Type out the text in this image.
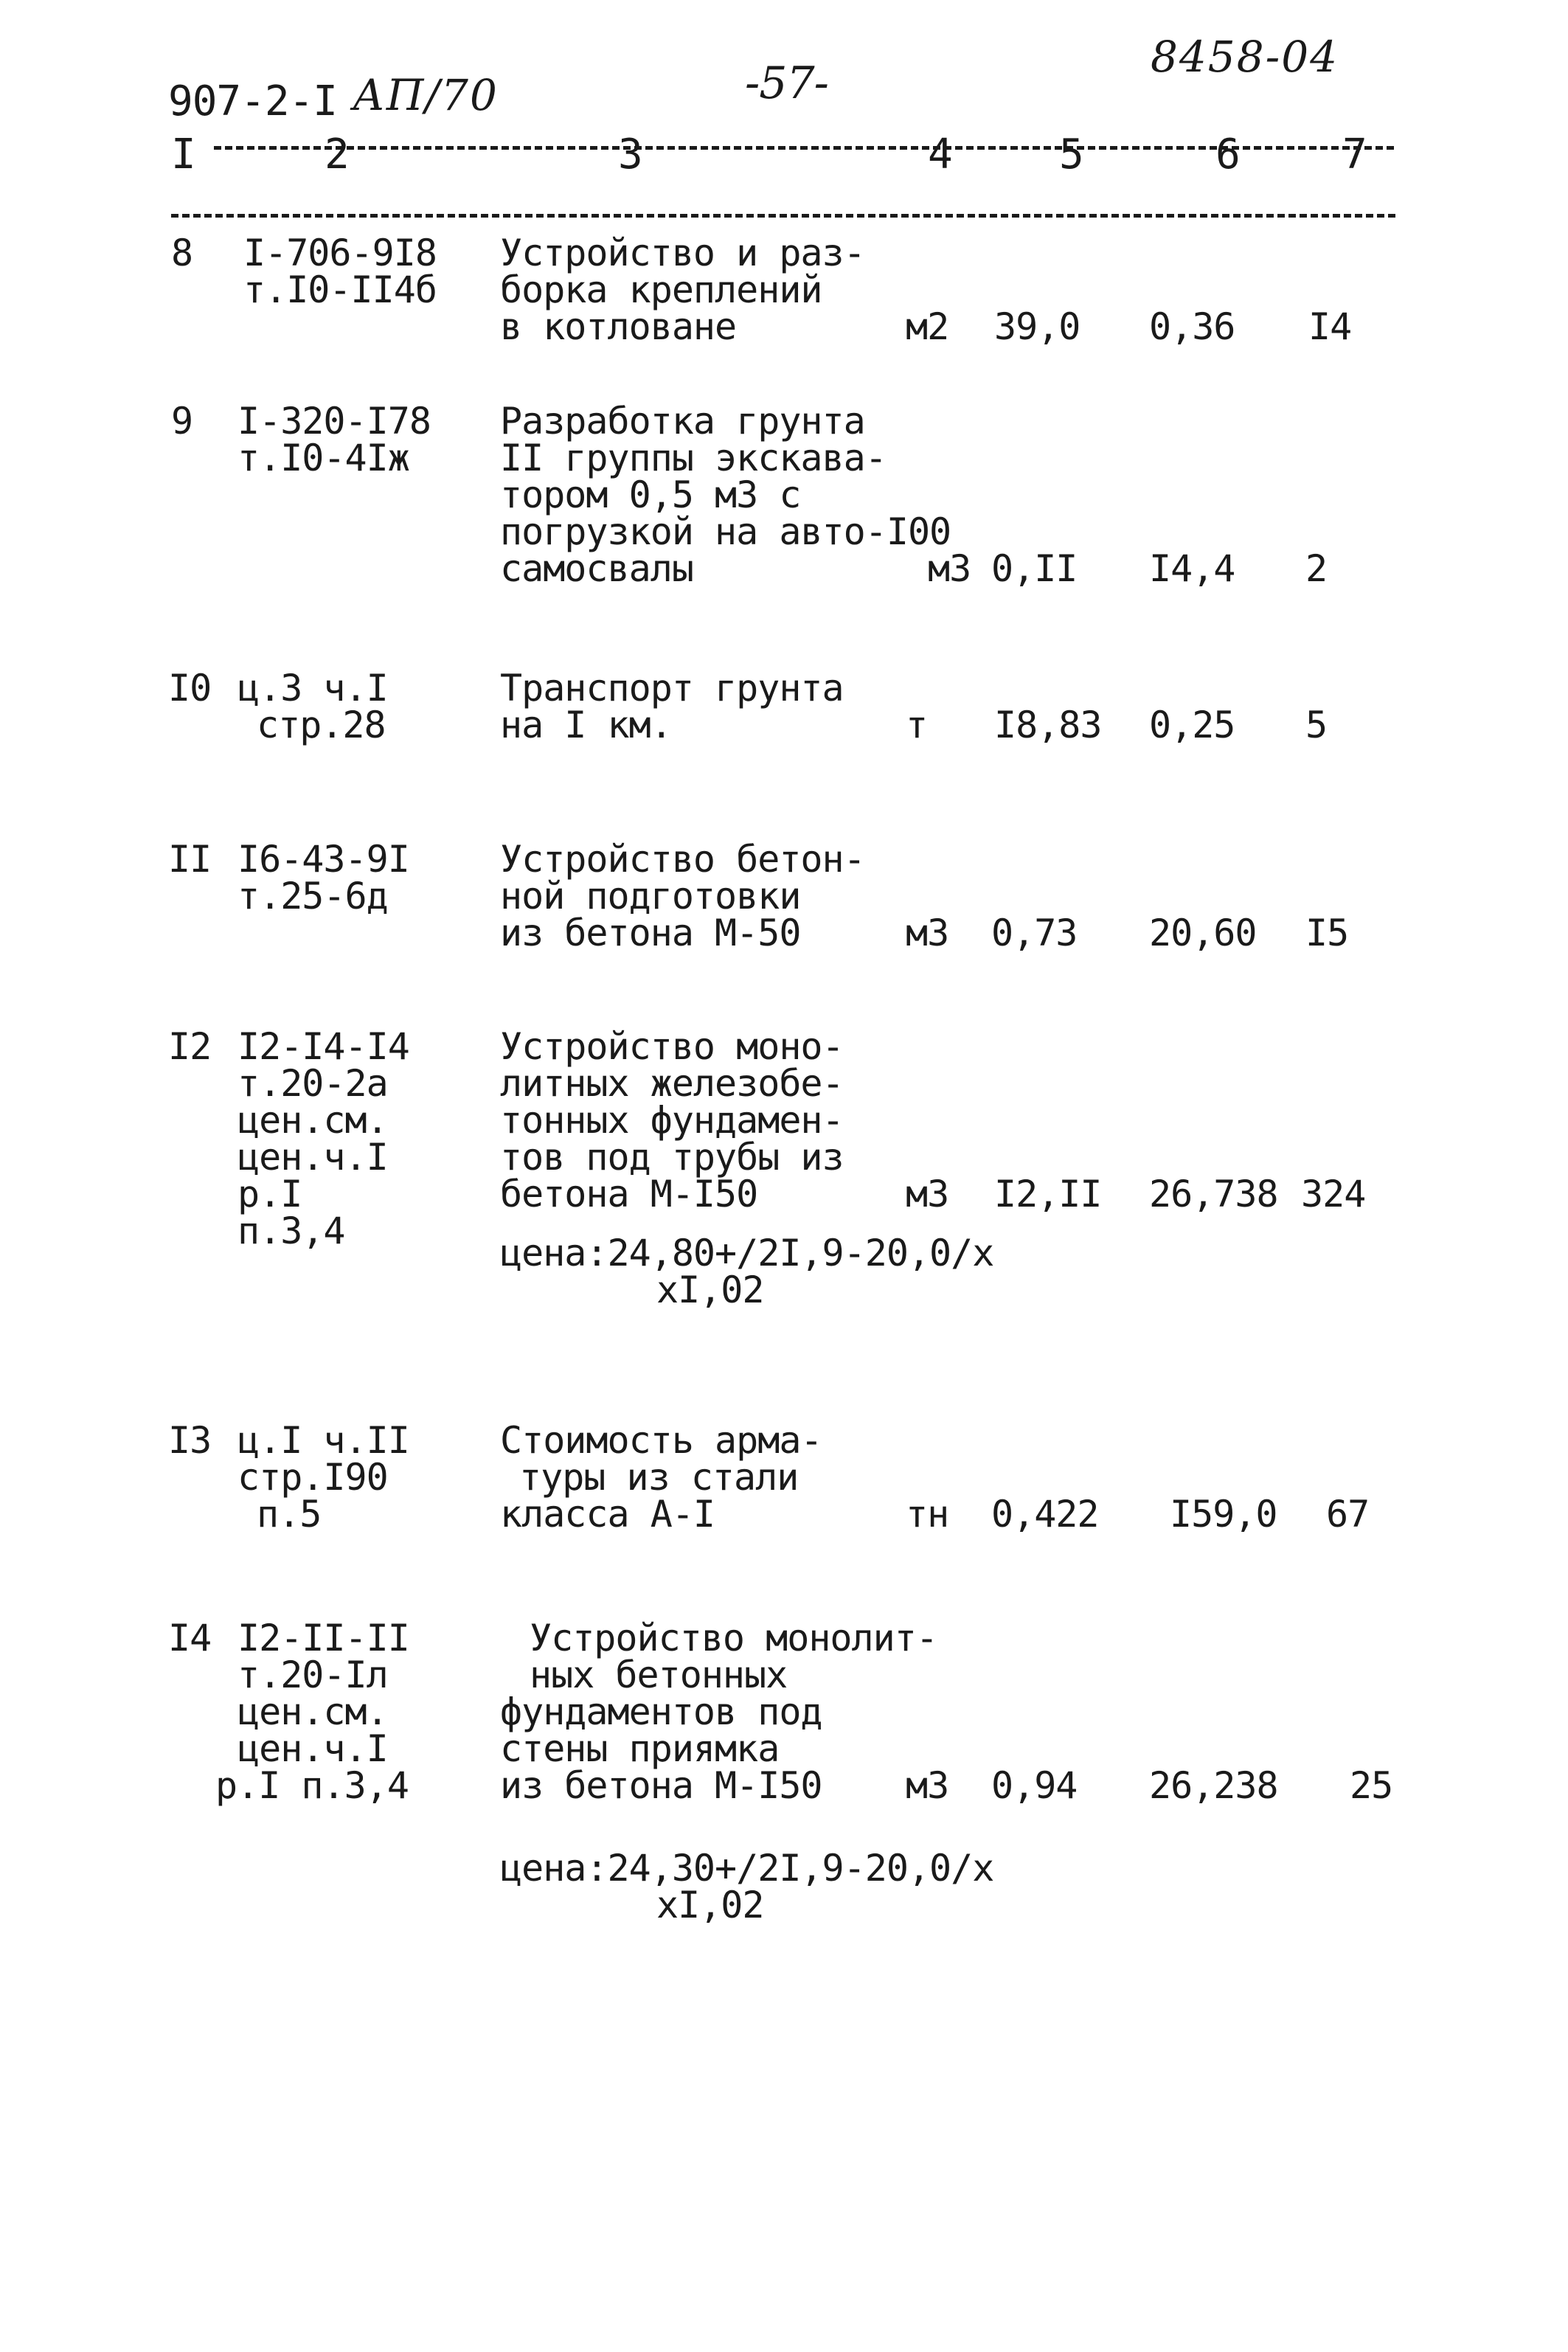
907-2-I АП/70	-57-
8458-04
I	2	3	4	5	6 7
8 I-706-9I8
т.I0-II4б
Устройство и раз-
борка креплений
в котловане	м2 39,0 0,36 I4
9 I-320-I78
т.I0-4Iж
Разработка грунта
II группы экскава-
тором 0,5 м3 с
погрузкой на авто-I00
самосвалы	м3 0,II I4,4 2
I0 ц.3 ч.I
стр.28
Транспорт грунта
на I км.	т I8,83 0,25 5
II I6-43-9I
т.25-6д
Устройство бетон-
ной подготовки
из бетона М-50	м3 0,73 20,60 I5
I2 I2-I4-I4
т.20-2а
цен.см.
цен.ч.I
р.I
п.3,4
Устройство моно-
литных железобе-
тонных фундамен-
тов под трубы из
бетона М-I50	м3 I2,II 26,738 324
цена:24,80+/2I,9-20,0/х
хI,02
I3 ц.I ч.II
стр.I90
п.5
Стоимость арма-
туры из стали
класса А-I	тн 0,422 I59,0 67
I4 I2-II-II
т.20-Iл
цен.см.
цен.ч.I
р.I п.3,4
Устройство монолит-
ных бетонных
фундаментов под
стены приямка
из бетона М-I50 м3 0,94 26,238 25
цена:24,30+/2I,9-20,0/х
хI,02
